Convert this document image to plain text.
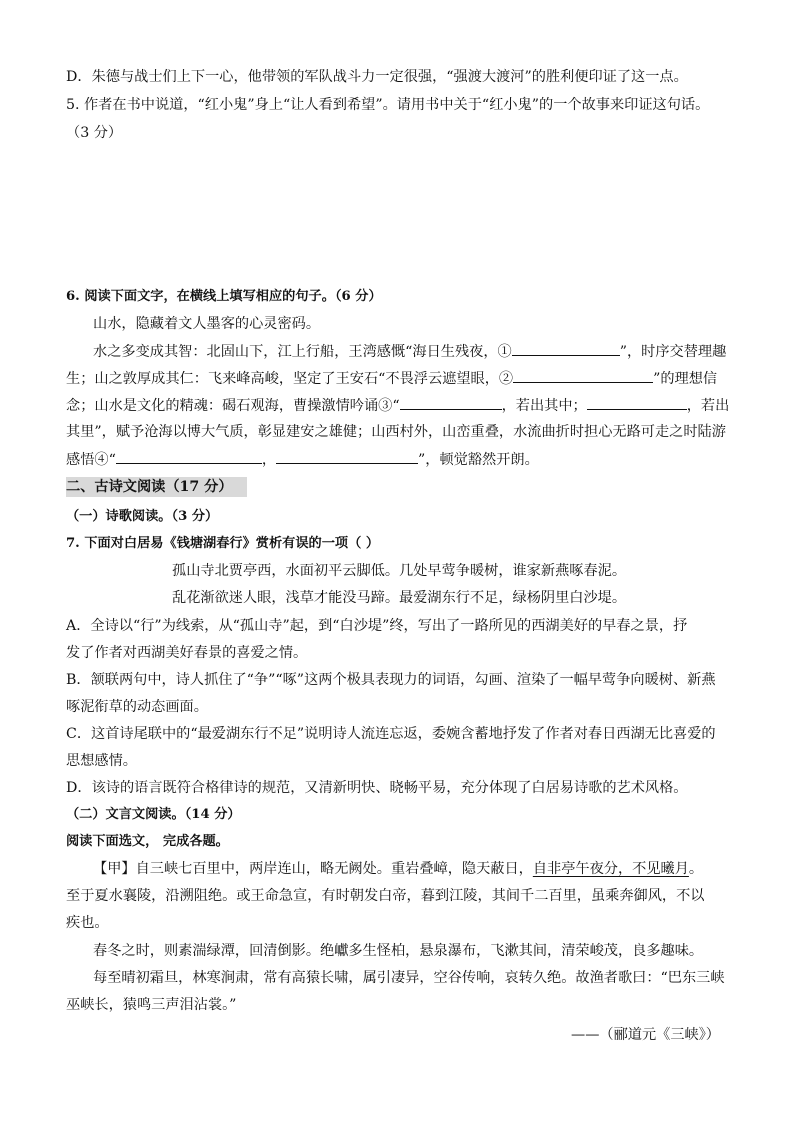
D．朱德与战士们上下一心，他带领的军队战斗力一定很强，“强渡大渡河”的胜利便印证了这一点。
5. 作者在书中说道，“红小鬼”身上“让人看到希望”。请用书中关于“红小鬼”的一个故事来印证这句话。
（3 分）
6. 阅读下面文字，在横线上填写相应的句子。（6 分）
山水，隐藏着文人墨客的心灵密码。
水之多变成其智：北固山下，江上行船，王湾感慨“海日生残夜，①	”，时序交替理趣
生；山之敦厚成其仁：飞来峰高峻，坚定了王安石“不畏浮云遮望眼，②	”的理想信
念；山水是文化的精魂：碣石观海，曹操激情吟诵③“	，若出其中；	，若出
其里”，赋予沧海以博大气质，彰显建安之雄健；山西村外，山峦重叠，水流曲折时担心无路可走之时陆游
感悟④“	，	”，顿觉豁然开朗。
二、古诗文阅读（17 分）
（一）诗歌阅读。（3 分）
7. 下面对白居易《钱塘湖春行》赏析有误的一项（ ）
孤山寺北贾亭西，水面初平云脚低。几处早莺争暖树，谁家新燕啄春泥。
乱花渐欲迷人眼，浅草才能没马蹄。最爱湖东行不足，绿杨阴里白沙堤。
A．全诗以“行”为线索，从“孤山寺”起，到“白沙堤”终，写出了一路所见的西湖美好的早春之景，抒
发了作者对西湖美好春景的喜爱之情。
B．颔联两句中，诗人抓住了“争”“啄”这两个极具表现力的词语，勾画、渲染了一幅早莺争向暖树、新燕
啄泥衔草的动态画面。
C．这首诗尾联中的“最爱湖东行不足”说明诗人流连忘返，委婉含蓄地抒发了作者对春日西湖无比喜爱的
思想感情。
D．该诗的语言既符合格律诗的规范，又清新明快、晓畅平易，充分体现了白居易诗歌的艺术风格。
（二）文言文阅读。（14 分）
阅读下面选文， 完成各题。
【甲】自三峡七百里中，两岸连山，略无阙处。重岩叠嶂，隐天蔽日，自非亭午夜分，不见曦月。
至于夏水襄陵，沿溯阻绝。或王命急宣，有时朝发白帝，暮到江陵，其间千二百里，虽乘奔御风，不以
疾也。
春冬之时，则素湍绿潭，回清倒影。绝巘多生怪柏，悬泉瀑布，飞漱其间，清荣峻茂，良多趣味。
每至晴初霜旦，林寒涧肃，常有高猿长啸，属引凄异，空谷传响，哀转久绝。故渔者歌曰：“巴东三峡
巫峡长，猿鸣三声泪沾裳。”
——（郦道元《三峡》）
